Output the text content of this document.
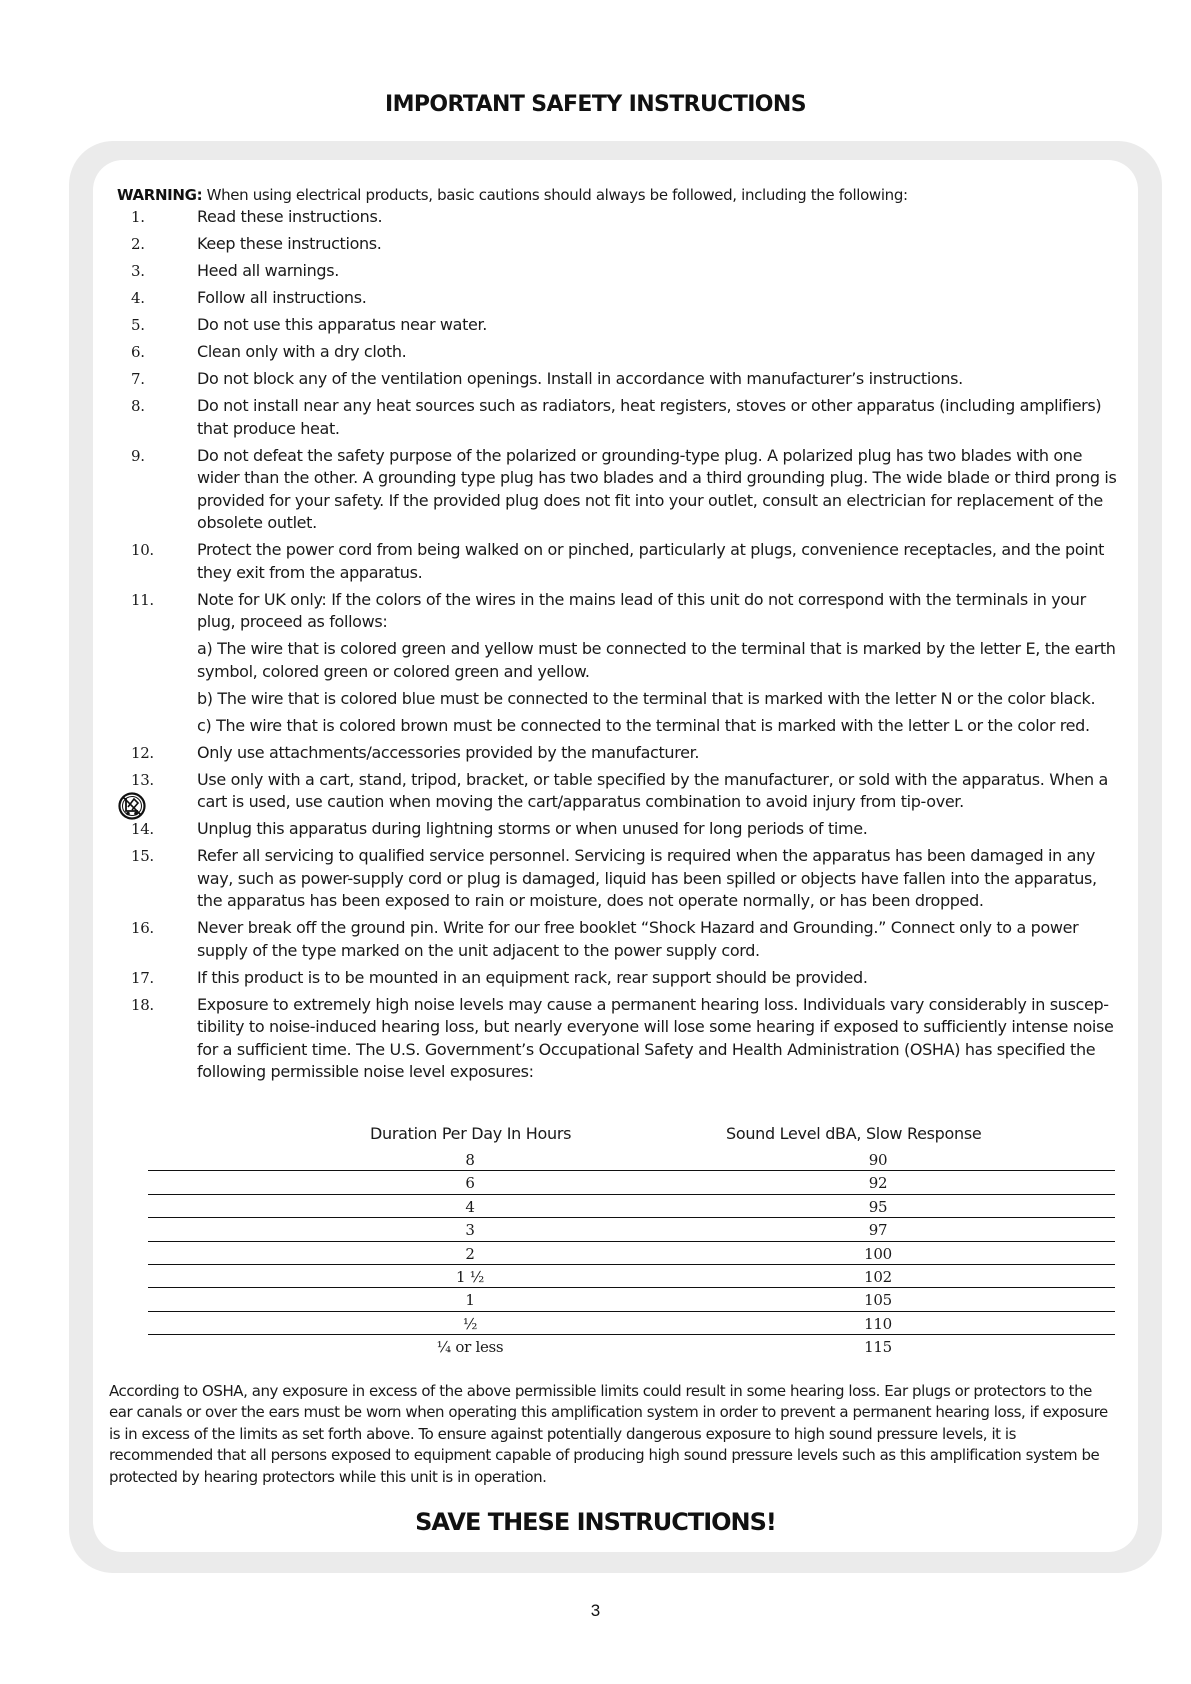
IMPORTANT SAFETY INSTRUCTIONS
WARNING: When using electrical products, basic cautions should always be followed, including the following:
1.	Read these instructions.
2.	Keep these instructions.
3.	Heed all warnings.
4.	Follow all instructions.
5.	Do not use this apparatus near water.
6.	Clean only with a dry cloth.
7.	Do not block any of the ventilation openings. Install in accordance with manufacturer’s instructions.
8.	Do not install near any heat sources such as radiators, heat registers, stoves or other apparatus (including amplifiers) that produce heat.
9.	Do not defeat the safety purpose of the polarized or grounding-type plug. A polarized plug has two blades with one wider than the other. A grounding type plug has two blades and a third grounding plug. The wide blade or third prong is provided for your safety. If the provided plug does not fit into your outlet, consult an electrician for replacement of the obsolete outlet.
10.	Protect the power cord from being walked on or pinched, particularly at plugs, convenience receptacles, and the point they exit from the apparatus.
11.	Note for UK only: If the colors of the wires in the mains lead of this unit do not correspond with the terminals in your plug, proceed as follows:
a) The wire that is colored green and yellow must be connected to the terminal that is marked by the letter E, the earth symbol, colored green or colored green and yellow.
b) The wire that is colored blue must be connected to the terminal that is marked with the letter N or the color black.
c) The wire that is colored brown must be connected to the terminal that is marked with the letter L or the color red.
12.	Only use attachments/accessories provided by the manufacturer.
13.	Use only with a cart, stand, tripod, bracket, or table specified by the manufacturer, or sold with the apparatus. When a cart is used, use caution when moving the cart/apparatus combination to avoid injury from tip-over.
14.	Unplug this apparatus during lightning storms or when unused for long periods of time.
15.	Refer all servicing to qualified service personnel. Servicing is required when the apparatus has been damaged in any way, such as power-supply cord or plug is damaged, liquid has been spilled or objects have fallen into the apparatus, the apparatus has been exposed to rain or moisture, does not operate normally, or has been dropped.
16.	Never break off the ground pin. Write for our free booklet “Shock Hazard and Grounding.” Connect only to a power supply of the type marked on the unit adjacent to the power supply cord.
17.	If this product is to be mounted in an equipment rack, rear support should be provided.
18.	Exposure to extremely high noise levels may cause a permanent hearing loss. Individuals vary considerably in suscep-tibility to noise-induced hearing loss, but nearly everyone will lose some hearing if exposed to sufficiently intense noise for a sufficient time. The U.S. Government’s Occupational Safety and Health Administration (OSHA) has specified the following permissible noise level exposures:
Duration Per Day In Hours	Sound Level dBA, Slow Response
8	90
6	92
4	95
3	97
2	100
1 ½	102
1	105
½	110
¼ or less	115
According to OSHA, any exposure in excess of the above permissible limits could result in some hearing loss. Ear plugs or protectors to the ear canals or over the ears must be worn when operating this amplification system in order to prevent a permanent hearing loss, if exposure is in excess of the limits as set forth above. To ensure against potentially dangerous exposure to high sound pressure levels, it is recommended that all persons exposed to equipment capable of producing high sound pressure levels such as this amplification system be protected by hearing protectors while this unit is in operation.
SAVE THESE INSTRUCTIONS!
3
